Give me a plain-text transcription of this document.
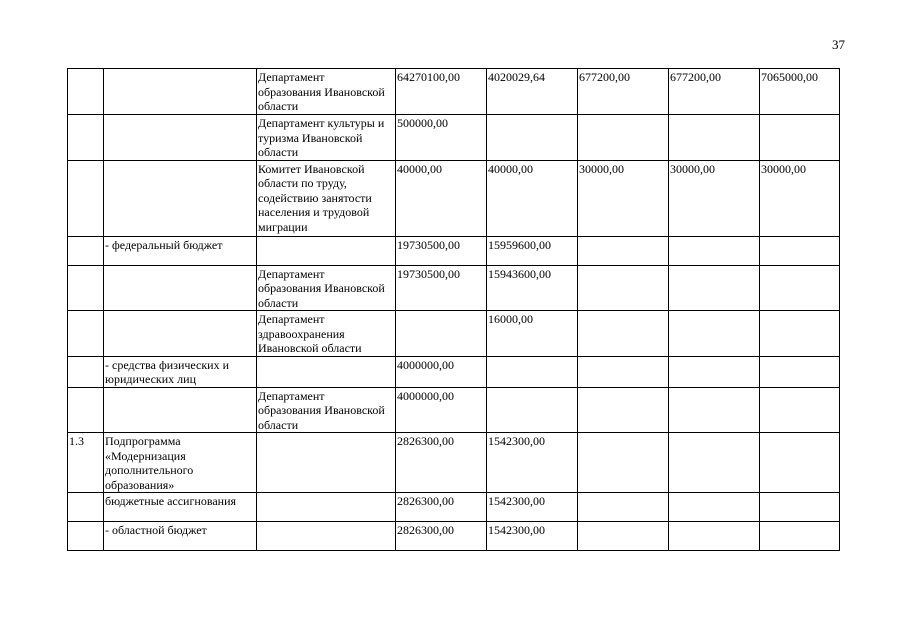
37

		Департамент
образования Ивановской
области	64270100,00	4020029,64	677200,00	677200,00	7065000,00	

		Департамент культуры и
туризма Ивановской
области	500000,00					

		Комитет Ивановской
области по труду,
содействию занятости
населения и трудовой
миграции	40000,00	40000,00	30000,00	30000,00	30000,00	
	- федеральный бюджет		19730500,00	15959600,00				

		Департамент
образования Ивановской
области	19730500,00	15943600,00				

		Департамент
здравоохранения
Ивановской области		16000,00				
	- средства физических и юридических лиц		4000000,00					

		Департамент
образования Ивановской
области	4000000,00					
1.3	Подпрограмма «Модернизация дополнительного образования»		2826300,00	1542300,00				
	бюджетные ассигнования		2826300,00	1542300,00				
	- областной бюджет		2826300,00	1542300,00				
